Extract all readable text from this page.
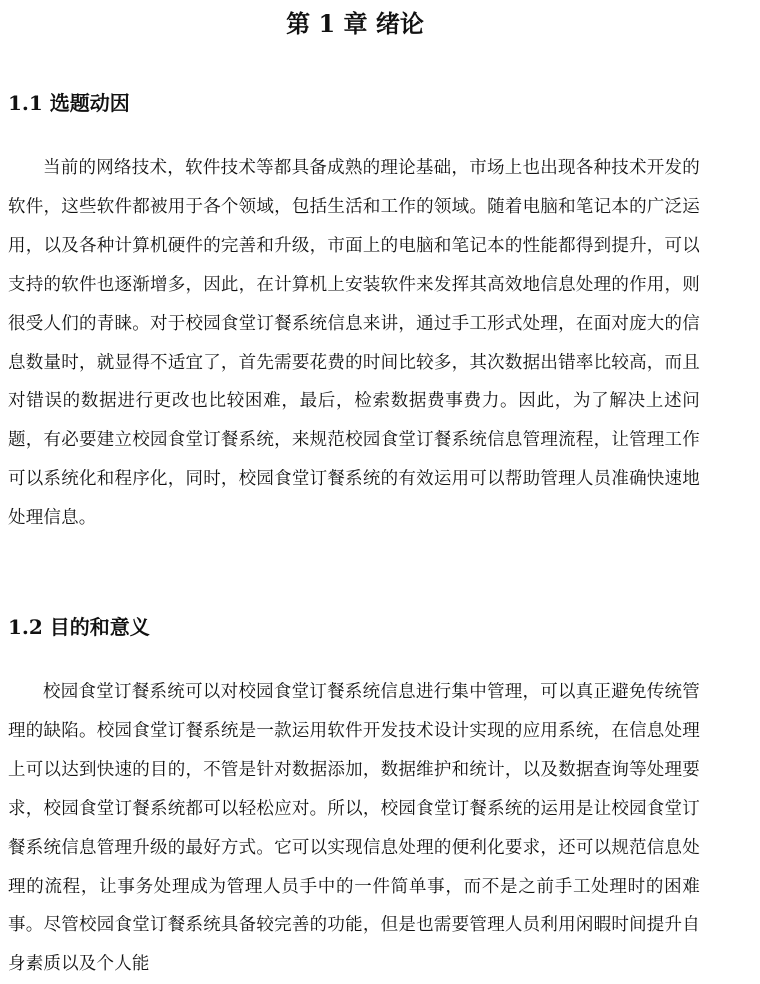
第 1 章 绪论
1.1 选题动因

当前的网络技术，软件技术等都具备成熟的理论基础，市场上也出现各种技术开发的软件，这些软件都被用于各个领域，包括生活和工作的领域。随着电脑和笔记本的广泛运用，以及各种计算机硬件的完善和升级，市面上的电脑和笔记本的性能都得到提升，可以支持的软件也逐渐增多，因此，在计算机上安装软件来发挥其高效地信息处理的作用，则很受人们的青睐。对于校园食堂订餐系统信息来讲，通过手工形式处理，在面对庞大的信息数量时，就显得不适宜了，首先需要花费的时间比较多，其次数据出错率比较高，而且对错误的数据进行更改也比较困难，最后，检索数据费事费力。因此，为了解决上述问题，有必要建立校园食堂订餐系统，来规范校园食堂订餐系统信息管理流程，让管理工作可以系统化和程序化，同时，校园食堂订餐系统的有效运用可以帮助管理人员准确快速地处理信息。

1.2 目的和意义

校园食堂订餐系统可以对校园食堂订餐系统信息进行集中管理，可以真正避免传统管理的缺陷。校园食堂订餐系统是一款运用软件开发技术设计实现的应用系统，在信息处理上可以达到快速的目的，不管是针对数据添加，数据维护和统计，以及数据查询等处理要求，校园食堂订餐系统都可以轻松应对。所以，校园食堂订餐系统的运用是让校园食堂订餐系统信息管理升级的最好方式。它可以实现信息处理的便利化要求，还可以规范信息处理的流程，让事务处理成为管理人员手中的一件简单事，而不是之前手工处理时的困难事。尽管校园食堂订餐系统具备较完善的功能，但是也需要管理人员利用闲暇时间提升自身素质以及个人能
